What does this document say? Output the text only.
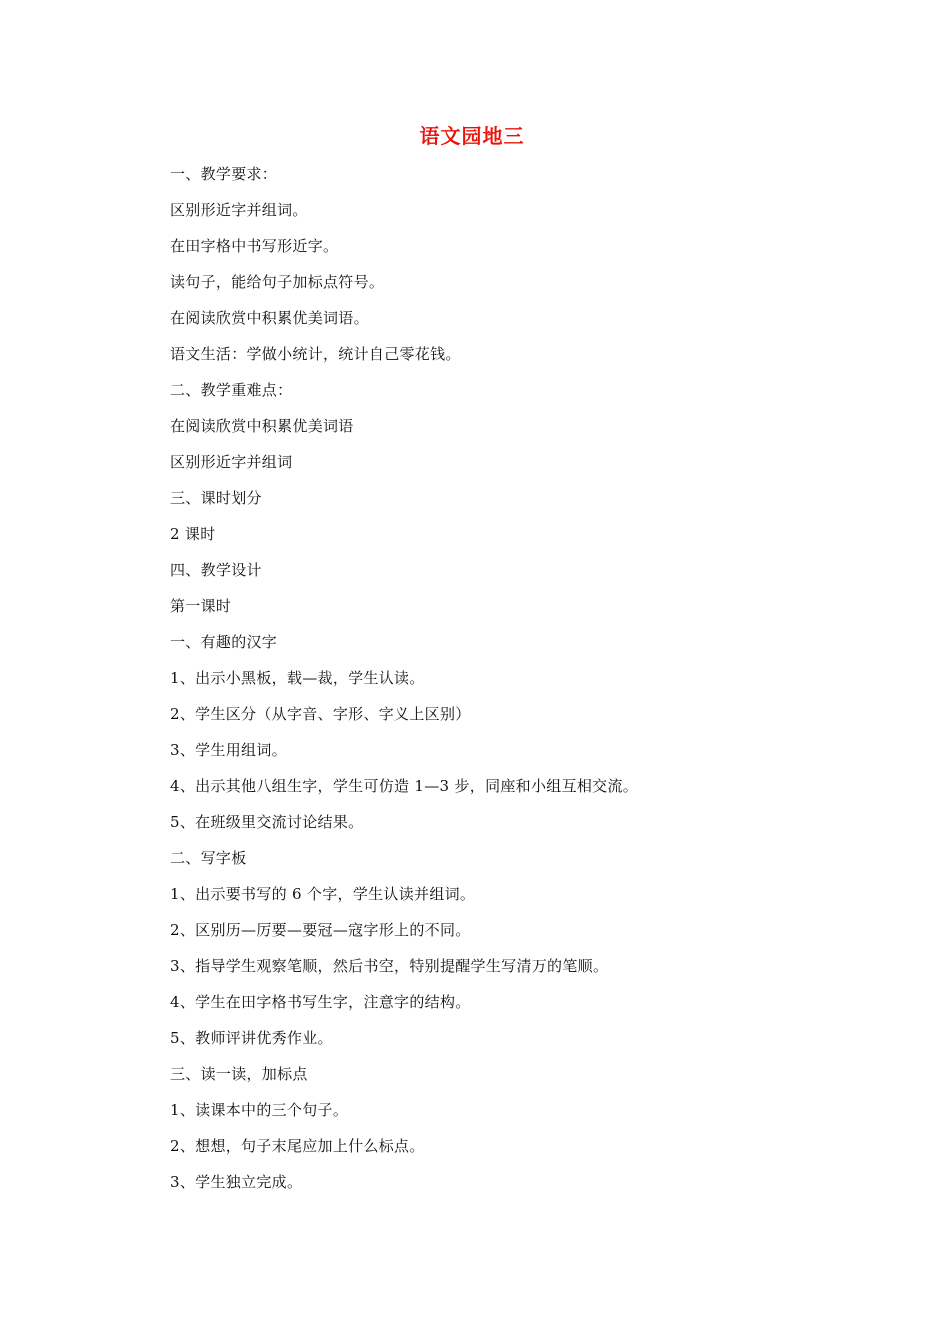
语文园地三
一、教学要求：
区别形近字并组词。
在田字格中书写形近字。
读句子，能给句子加标点符号。
在阅读欣赏中积累优美词语。
语文生活：学做小统计，统计自己零花钱。
二、教学重难点：
在阅读欣赏中积累优美词语
区别形近字并组词
三、课时划分
2 课时
四、教学设计
第一课时
一、有趣的汉字
1、出示小黑板，载—裁，学生认读。
2、学生区分（从字音、字形、字义上区别）
3、学生用组词。
4、出示其他八组生字，学生可仿造 1—3 步，同座和小组互相交流。
5、在班级里交流讨论结果。
二、写字板
1、出示要书写的 6 个字，学生认读并组词。
2、区别历—厉要—要冠—寇字形上的不同。
3、指导学生观察笔顺，然后书空，特别提醒学生写清万的笔顺。
4、学生在田字格书写生字，注意字的结构。
5、教师评讲优秀作业。
三、读一读，加标点
1、读课本中的三个句子。
2、想想，句子末尾应加上什么标点。
3、学生独立完成。
